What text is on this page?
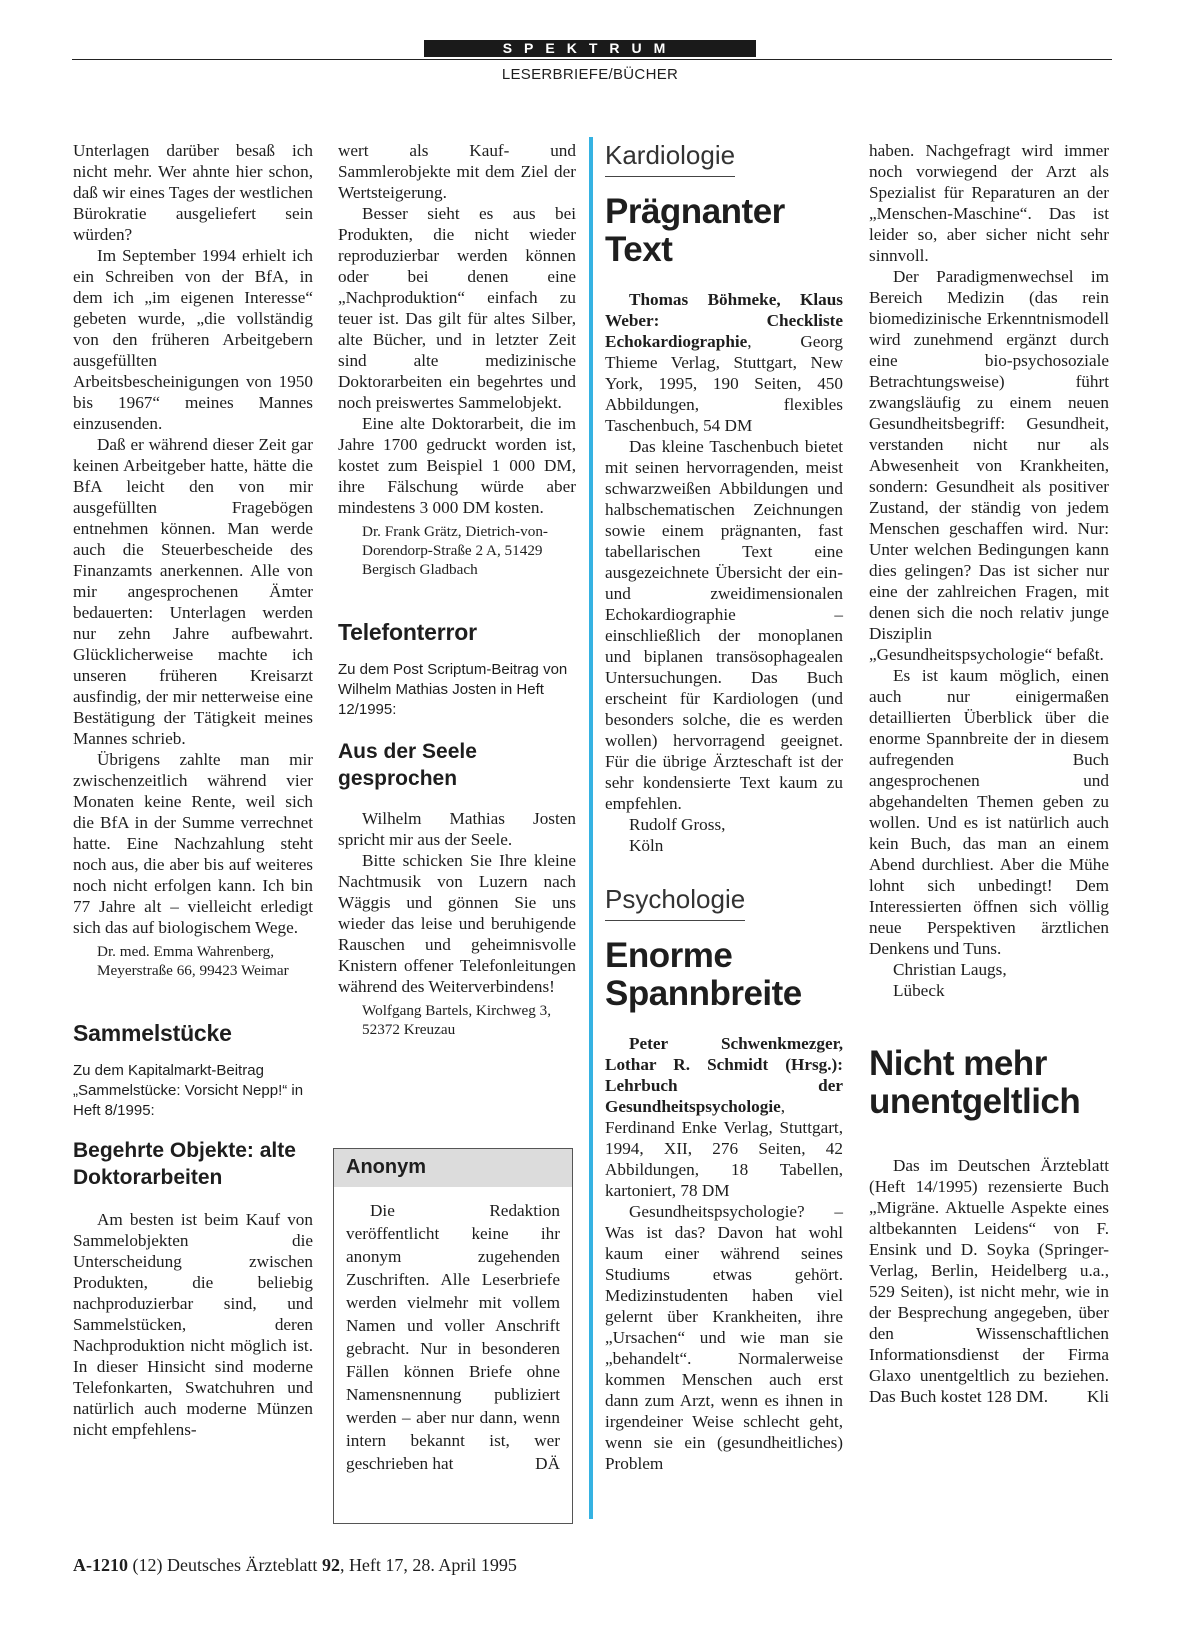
SPEKTRUM
LESERBRIEFE/BÜCHER

Unterlagen darüber besaß ich nicht mehr. Wer ahnte hier schon, daß wir eines Tages der westlichen Bürokratie ausgeliefert sein würden?

Im September 1994 erhielt ich ein Schreiben von der BfA, in dem ich „im eigenen Interesse“ gebeten wurde, „die vollständig von den früheren Arbeitgebern ausgefüllten Arbeitsbescheinigungen von 1950 bis 1967“ meines Mannes einzusenden.

Daß er während dieser Zeit gar keinen Arbeitgeber hatte, hätte die BfA leicht den von mir ausgefüllten Fragebögen entnehmen können. Man werde auch die Steuerbescheide des Finanzamts anerkennen. Alle von mir angesprochenen Ämter bedauerten: Unterlagen werden nur zehn Jahre aufbewahrt. Glücklicherweise machte ich unseren früheren Kreisarzt ausfindig, der mir netterweise eine Bestätigung der Tätigkeit meines Mannes schrieb.

Übrigens zahlte man mir zwischenzeitlich während vier Monaten keine Rente, weil sich die BfA in der Summe verrechnet hatte. Eine Nachzahlung steht noch aus, die aber bis auf weiteres noch nicht erfolgen kann. Ich bin 77 Jahre alt – vielleicht erledigt sich das auf biologischem Wege.

Dr. med. Emma Wahrenberg, Meyerstraße 66, 99423 Weimar

Sammelstücke

Zu dem Kapitalmarkt-Beitrag „Sammelstücke: Vorsicht Nepp!“ in Heft 8/1995:

Begehrte Objekte: alte Doktorarbeiten

Am besten ist beim Kauf von Sammelobjekten die Unterscheidung zwischen Produkten, die beliebig nachproduzierbar sind, und Sammelstücken, deren Nachproduktion nicht möglich ist. In dieser Hinsicht sind moderne Telefonkarten, Swatchuhren und natürlich auch moderne Münzen nicht empfehlens-

wert als Kauf- und Sammlerobjekte mit dem Ziel der Wertsteigerung.

Besser sieht es aus bei Produkten, die nicht wieder reproduzierbar werden können oder bei denen eine „Nachproduktion“ einfach zu teuer ist. Das gilt für altes Silber, alte Bücher, und in letzter Zeit sind alte medizinische Doktorarbeiten ein begehrtes und noch preiswertes Sammelobjekt.

Eine alte Doktorarbeit, die im Jahre 1700 gedruckt worden ist, kostet zum Beispiel 1 000 DM, ihre Fälschung würde aber mindestens 3 000 DM kosten.

Dr. Frank Grätz, Dietrich-von-Dorendorp-Straße 2 A, 51429 Bergisch Gladbach

Telefonterror

Zu dem Post Scriptum-Beitrag von Wilhelm Mathias Josten in Heft 12/1995:

Aus der Seele gesprochen

Wilhelm Mathias Josten spricht mir aus der Seele.

Bitte schicken Sie Ihre kleine Nachtmusik von Luzern nach Wäggis und gönnen Sie uns wieder das leise und beruhigende Rauschen und geheimnisvolle Knistern offener Telefonleitungen während des Weiterverbindens!

Wolfgang Bartels, Kirchweg 3, 52372 Kreuzau

Anonym

Die Redaktion veröffentlicht keine ihr anonym zugehenden Zuschriften. Alle Leserbriefe werden vielmehr mit vollem Namen und voller Anschrift gebracht. Nur in besonderen Fällen können Briefe ohne Namensnennung publiziert werden – aber nur dann, wenn intern bekannt ist, wer geschrieben hat	DÄ

Kardiologie
Prägnanter Text

Thomas Böhmeke, Klaus Weber: Checkliste Echokardiographie, Georg Thieme Verlag, Stuttgart, New York, 1995, 190 Seiten, 450 Abbildungen, flexibles Taschenbuch, 54 DM

Das kleine Taschenbuch bietet mit seinen hervorragenden, meist schwarzweißen Abbildungen und halbschematischen Zeichnungen sowie einem prägnanten, fast tabellarischen Text eine ausgezeichnete Übersicht der ein- und zweidimensionalen Echokardiographie – einschließlich der monoplanen und biplanen transösophagealen Untersuchungen. Das Buch erscheint für Kardiologen (und besonders solche, die es werden wollen) hervorragend geeignet. Für die übrige Ärzteschaft ist der sehr kondensierte Text kaum zu empfehlen.

Rudolf Gross,

Köln

Psychologie
Enorme Spannbreite

Peter Schwenkmezger, Lothar R. Schmidt (Hrsg.): Lehrbuch der Gesundheitspsychologie, Ferdinand Enke Verlag, Stuttgart, 1994, XII, 276 Seiten, 42 Abbildungen, 18 Tabellen, kartoniert, 78 DM

Gesundheitspsychologie? – Was ist das? Davon hat wohl kaum einer während seines Studiums etwas gehört. Medizinstudenten haben viel gelernt über Krankheiten, ihre „Ursachen“ und wie man sie „behandelt“. Normalerweise kommen Menschen auch erst dann zum Arzt, wenn es ihnen in irgendeiner Weise schlecht geht, wenn sie ein (gesundheitliches) Problem

haben. Nachgefragt wird immer noch vorwiegend der Arzt als Spezialist für Reparaturen an der „Menschen-Maschine“. Das ist leider so, aber sicher nicht sehr sinnvoll.

Der Paradigmenwechsel im Bereich Medizin (das rein biomedizinische Erkenntnismodell wird zunehmend ergänzt durch eine bio-psychosoziale Betrachtungsweise) führt zwangsläufig zu einem neuen Gesundheitsbegriff: Gesundheit, verstanden nicht nur als Abwesenheit von Krankheiten, sondern: Gesundheit als positiver Zustand, der ständig von jedem Menschen geschaffen wird. Nur: Unter welchen Bedingungen kann dies gelingen? Das ist sicher nur eine der zahlreichen Fragen, mit denen sich die noch relativ junge Disziplin „Gesundheitspsychologie“ befaßt.

Es ist kaum möglich, einen auch nur einigermaßen detaillierten Überblick über die enorme Spannbreite der in diesem aufregenden Buch angesprochenen und abgehandelten Themen geben zu wollen. Und es ist natürlich auch kein Buch, das man an einem Abend durchliest. Aber die Mühe lohnt sich unbedingt! Dem Interessierten öffnen sich völlig neue Perspektiven ärztlichen Denkens und Tuns.

Christian Laugs,

Lübeck

Nicht mehr unentgeltlich

Das im Deutschen Ärzteblatt (Heft 14/1995) rezensierte Buch „Migräne. Aktuelle Aspekte eines altbekannten Leidens“ von F. Ensink und D. Soyka (Springer-Verlag, Berlin, Heidelberg u.a., 529 Seiten), ist nicht mehr, wie in der Besprechung angegeben, über den Wissenschaftlichen Informationsdienst der Firma Glaxo unentgeltlich zu beziehen. Das Buch kostet 128 DM.	Kli

A-1210 (12) Deutsches Ärzteblatt 92, Heft 17, 28. April 1995
